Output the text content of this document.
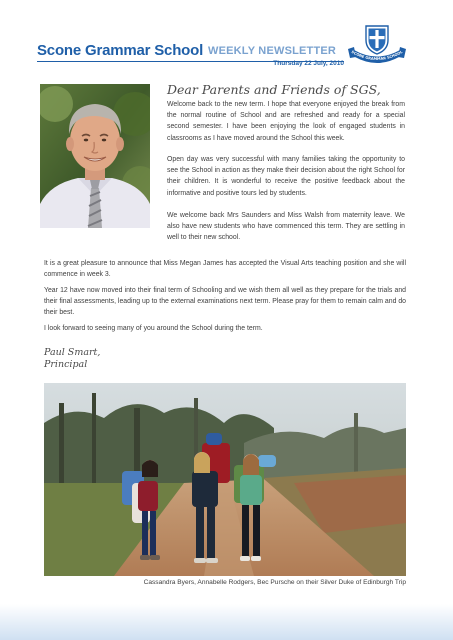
Scone Grammar School WEEKLY NEWSLETTER
Thursday 22 July, 2010
SCONE GRAMMAR SCHOOL
Dear Parents and Friends of SGS,

Welcome back to the new term. I hope that everyone enjoyed the break from the normal routine of School and are refreshed and ready for a special second semester. I have been enjoying the look of engaged students in classrooms as I have moved around the School this week.

Open day was very successful with many families taking the opportunity to see the School in action as they make their decision about the right School for their children. It is wonderful to receive the positive feedback about the informative and positive tours led by students.

We welcome back Mrs Saunders and Miss Walsh from maternity leave. We also have new students who have commenced this term. They are settling in well to their new school.

It is a great pleasure to announce that Miss Megan James has accepted the Visual Arts teaching position and she will commence in week 3.

Year 12 have now moved into their final term of Schooling and we wish them all well as they prepare for the trials and their final assessments, leading up to the external examinations next term. Please pray for them to remain calm and do their best.

I look forward to seeing many of you around the School during the term.

Paul Smart,
Principal
Cassandra Byers, Annabelle Rodgers, Bec Pursche on their Silver Duke of Edinburgh Trip
